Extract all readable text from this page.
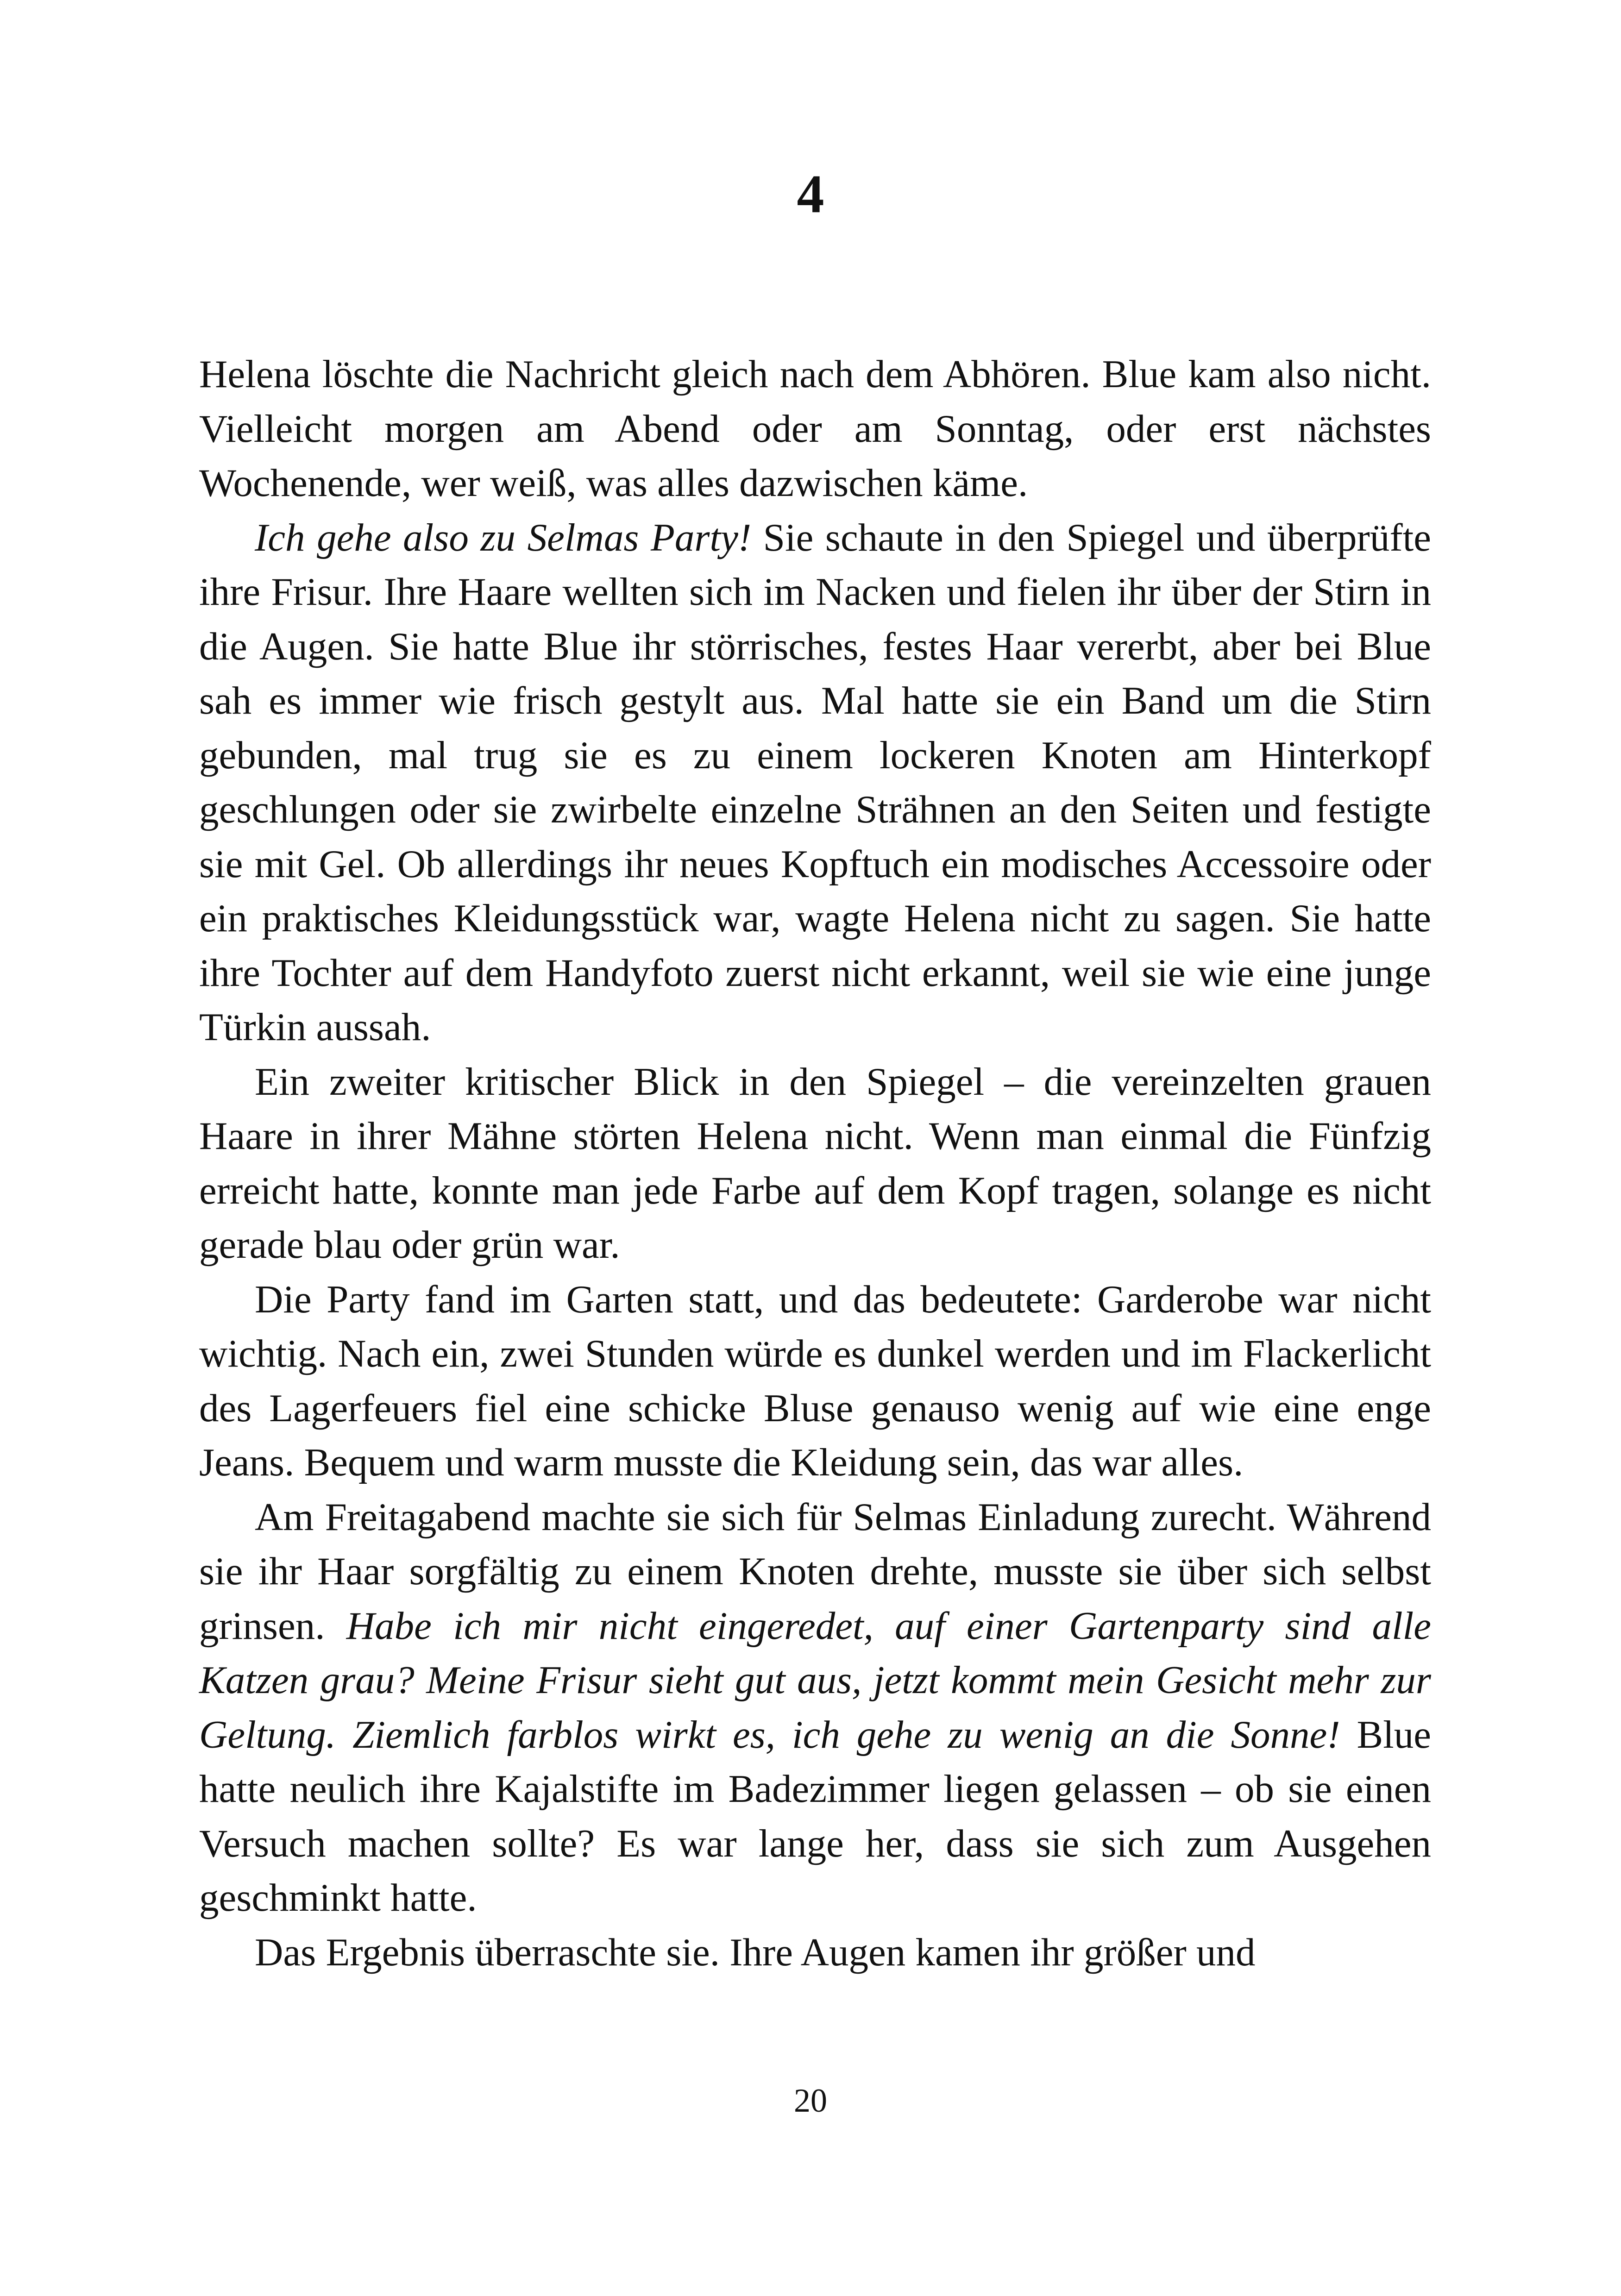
4

Helena löschte die Nachricht gleich nach dem Abhören. Blue kam also nicht. Vielleicht morgen am Abend oder am Sonntag, oder erst nächstes Wochenende, wer weiß, was alles dazwischen käme.

Ich gehe also zu Selmas Party! Sie schaute in den Spiegel und überprüfte ihre Frisur. Ihre Haare wellten sich im Nacken und fielen ihr über der Stirn in die Augen. Sie hatte Blue ihr störrisches, festes Haar vererbt, aber bei Blue sah es immer wie frisch gestylt aus. Mal hatte sie ein Band um die Stirn gebunden, mal trug sie es zu einem lockeren Knoten am Hinterkopf geschlungen oder sie zwirbelte einzelne Strähnen an den Seiten und festigte sie mit Gel. Ob allerdings ihr neues Kopftuch ein modisches Accessoire oder ein praktisches Kleidungsstück war, wagte Helena nicht zu sagen. Sie hatte ihre Tochter auf dem Handyfoto zuerst nicht erkannt, weil sie wie eine junge Türkin aussah.

Ein zweiter kritischer Blick in den Spiegel – die vereinzelten grauen Haare in ihrer Mähne störten Helena nicht. Wenn man einmal die Fünfzig erreicht hatte, konnte man jede Farbe auf dem Kopf tragen, solange es nicht gerade blau oder grün war.

Die Party fand im Garten statt, und das bedeutete: Garderobe war nicht wichtig. Nach ein, zwei Stunden würde es dunkel werden und im Flackerlicht des Lagerfeuers fiel eine schicke Bluse genauso wenig auf wie eine enge Jeans. Bequem und warm musste die Kleidung sein, das war alles.

Am Freitagabend machte sie sich für Selmas Einladung zurecht. Während sie ihr Haar sorgfältig zu einem Knoten drehte, musste sie über sich selbst grinsen. Habe ich mir nicht eingeredet, auf einer Gartenparty sind alle Katzen grau? Meine Frisur sieht gut aus, jetzt kommt mein Gesicht mehr zur Geltung. Ziemlich farblos wirkt es, ich gehe zu wenig an die Sonne! Blue hatte neulich ihre Kajalstifte im Badezimmer liegen gelassen – ob sie einen Versuch machen sollte? Es war lange her, dass sie sich zum Ausgehen geschminkt hatte.

Das Ergebnis überraschte sie. Ihre Augen kamen ihr größer und

20
